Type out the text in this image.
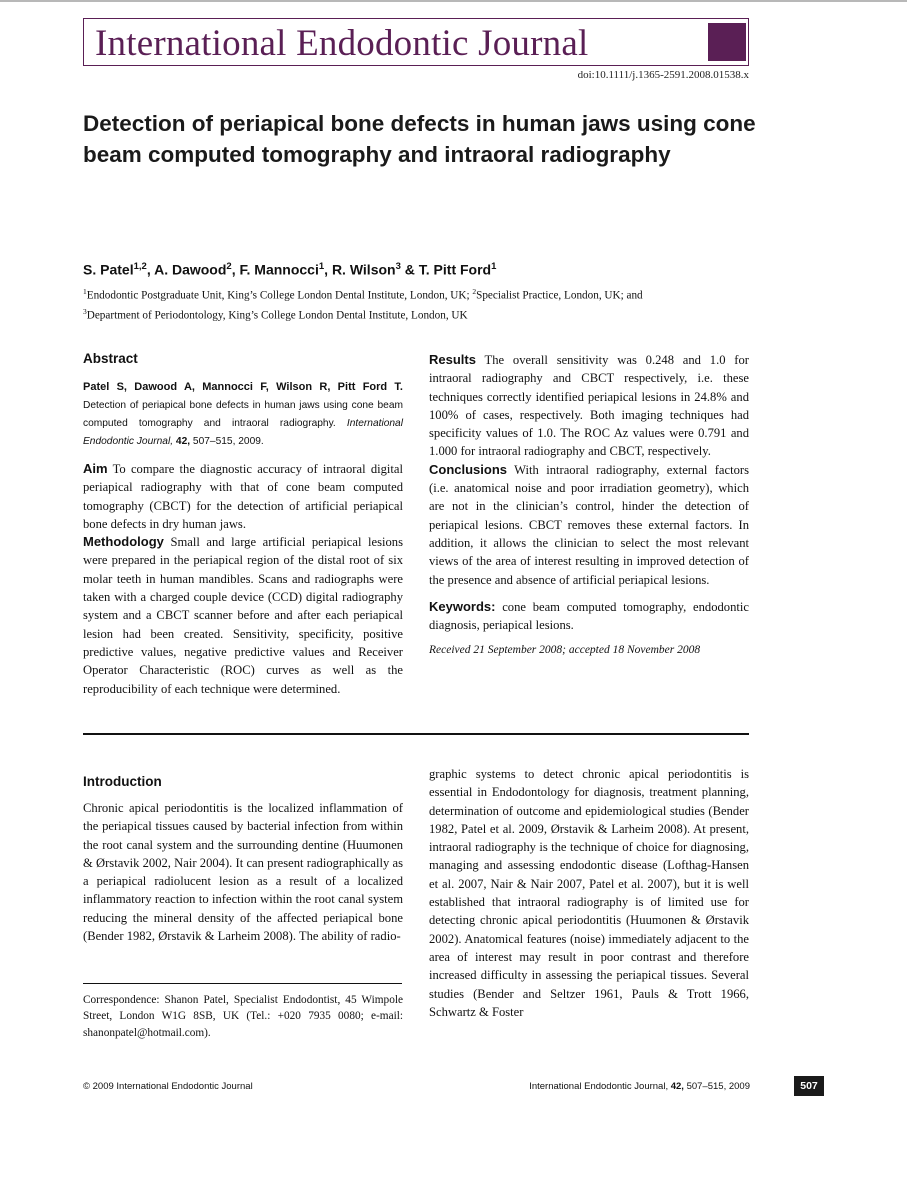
International Endodontic Journal
doi:10.1111/j.1365-2591.2008.01538.x
Detection of periapical bone defects in human jaws using cone beam computed tomography and intraoral radiography
S. Patel$^{1,2}$, A. Dawood$^2$, F. Mannocci$^1$, R. Wilson$^3$ & T. Pitt Ford$^1$
$^1$Endodontic Postgraduate Unit, King’s College London Dental Institute, London, UK; $^2$Specialist Practice, London, UK; and
$^3$Department of Periodontology, King’s College London Dental Institute, London, UK
Abstract
Patel S, Dawood A, Mannocci F, Wilson R, Pitt Ford T. Detection of periapical bone defects in human jaws using cone beam computed tomography and intraoral radiography. International Endodontic Journal, 42, 507–515, 2009.

Aim To compare the diagnostic accuracy of intraoral digital periapical radiography with that of cone beam computed tomography (CBCT) for the detection of artificial periapical bone defects in dry human jaws.

Methodology Small and large artificial periapical lesions were prepared in the periapical region of the distal root of six molar teeth in human mandibles. Scans and radiographs were taken with a charged couple device (CCD) digital radiography system and a CBCT scanner before and after each periapical lesion had been created. Sensitivity, specificity, positive predictive values, negative predictive values and Receiver Operator Characteristic (ROC) curves as well as the reproducibility of each technique were determined.

Results The overall sensitivity was 0.248 and 1.0 for intraoral radiography and CBCT respectively, i.e. these techniques correctly identified periapical lesions in 24.8% and 100% of cases, respectively. Both imaging techniques had specificity values of 1.0. The ROC Az values were 0.791 and 1.000 for intraoral radiography and CBCT, respectively.

Conclusions With intraoral radiography, external factors (i.e. anatomical noise and poor irradiation geometry), which are not in the clinician’s control, hinder the detection of periapical lesions. CBCT removes these external factors. In addition, it allows the clinician to select the most relevant views of the area of interest resulting in improved detection of the presence and absence of artificial periapical lesions.

Keywords: cone beam computed tomography, endodontic diagnosis, periapical lesions.

Received 21 September 2008; accepted 18 November 2008
Introduction

Chronic apical periodontitis is the localized inflammation of the periapical tissues caused by bacterial infection from within the root canal system and the surrounding dentine (Huumonen & Ørstavik 2002, Nair 2004). It can present radiographically as a periapical radiolucent lesion as a result of a localized inflammatory reaction to infection within the root canal system reducing the mineral density of the affected periapical bone (Bender 1982, Ørstavik & Larheim 2008). The ability of radio-

graphic systems to detect chronic apical periodontitis is essential in Endodontology for diagnosis, treatment planning, determination of outcome and epidemiological studies (Bender 1982, Patel et al. 2009, Ørstavik & Larheim 2008). At present, intraoral radiography is the technique of choice for diagnosing, managing and assessing endodontic disease (Lofthag-Hansen et al. 2007, Nair & Nair 2007, Patel et al. 2007), but it is well established that intraoral radiography is of limited use for detecting chronic apical periodontitis (Huumonen & Ørstavik 2002). Anatomical features (noise) immediately adjacent to the area of interest may result in poor contrast and therefore increased difficulty in assessing the periapical tissues. Several studies (Bender and Seltzer 1961, Pauls & Trott 1966, Schwartz & Foster

Correspondence: Shanon Patel, Specialist Endodontist, 45 Wimpole Street, London W1G 8SB, UK (Tel.: +020 7935 0080; e-mail: shanonpatel@hotmail.com).
© 2009 International Endodontic Journal	International Endodontic Journal, 42, 507–515, 2009	507
